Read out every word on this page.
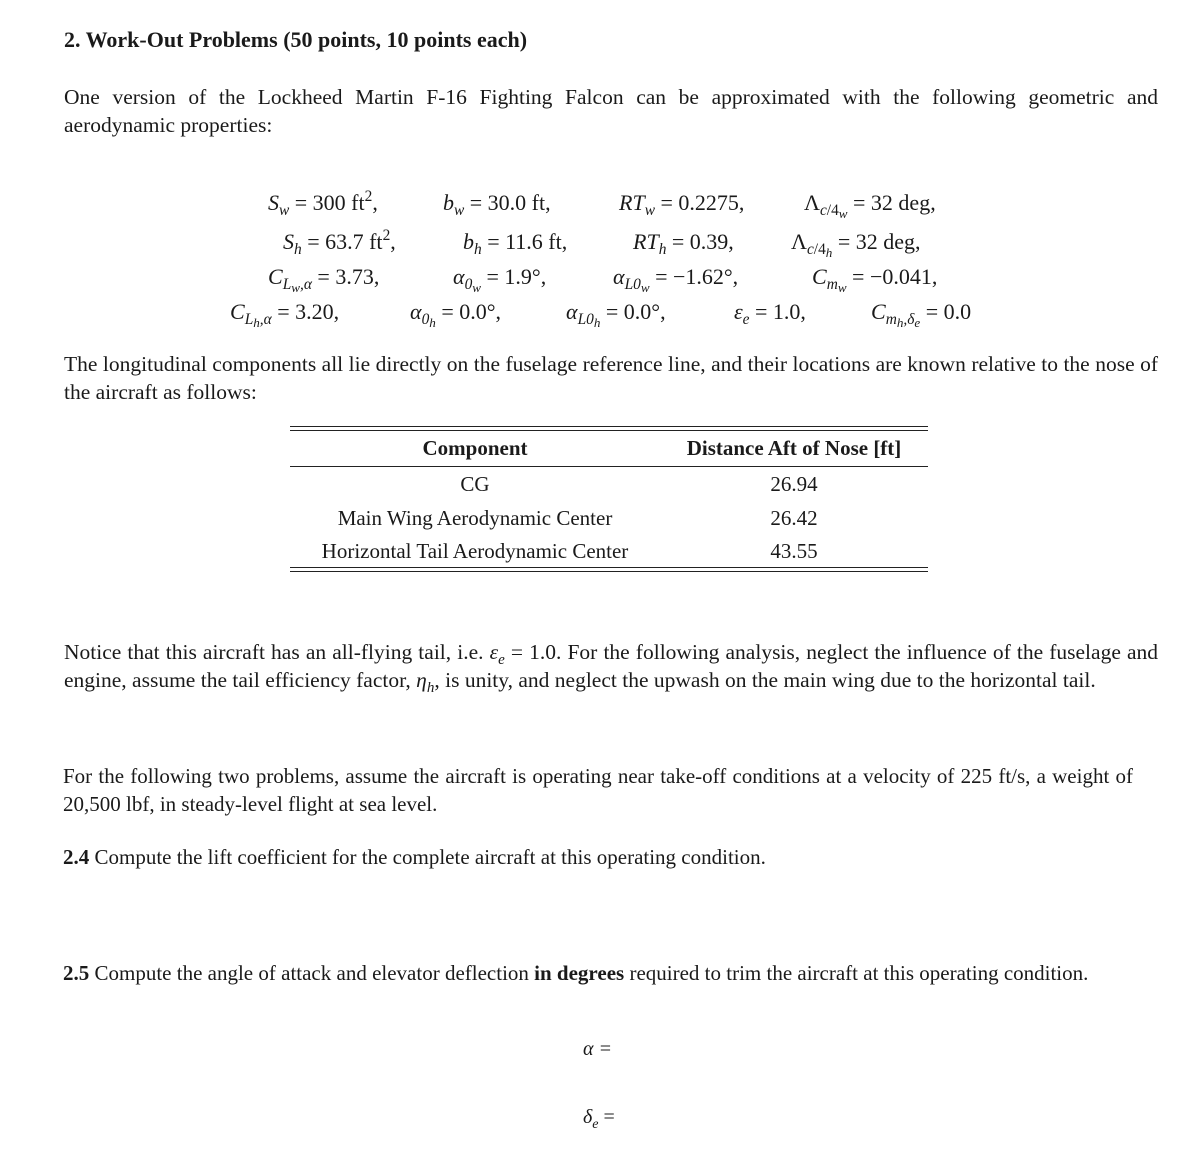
2. Work-Out Problems (50 points, 10 points each)
One version of the Lockheed Martin F-16 Fighting Falcon can be approximated with the following geometric and aerodynamic properties:
$S_w = 300$ $ft^2$,	$b_w = 30.0$ ft,	$RT_w = 0.2275$,	$\Lambda_{c/4_w} = 32$ deg,
$S_h = 63.7$ $ft^2$,	$b_h = 11.6$ ft,	$RT_h = 0.39$,	$\Lambda_{c/4_h} = 32$ deg,
$C_{L_w,\alpha} = 3.73$,	$\alpha_{0_w} = 1.9^\circ$,	$\alpha_{L0_w} = -1.62^\circ$,	$C_{m_w} = -0.041$,
$C_{L_h,\alpha} = 3.20$,	$\alpha_{0_h} = 0.0^\circ$,	$\alpha_{L0_h} = 0.0^\circ$,	$\varepsilon_e = 1.0$,	$C_{m_h,\delta_e} = 0.0$
The longitudinal components all lie directly on the fuselage reference line, and their locations are known relative to the nose of the aircraft as follows:
Component	Distance Aft of Nose [ft]
CG	26.94
Main Wing Aerodynamic Center	26.42
Horizontal Tail Aerodynamic Center	43.55
Notice that this aircraft has an all-flying tail, i.e. $\varepsilon_e = 1.0$. For the following analysis, neglect the influence of the fuselage and engine, assume the tail efficiency factor, $\eta_h$, is unity, and neglect the upwash on the main wing due to the horizontal tail.
For the following two problems, assume the aircraft is operating near take-off conditions at a velocity of 225 ft/s, a weight of 20,500 lbf, in steady-level flight at sea level.
2.4 Compute the lift coefficient for the complete aircraft at this operating condition.
2.5 Compute the angle of attack and elevator deflection in degrees required to trim the aircraft at this operating condition.
α =
$\delta_e$ =
